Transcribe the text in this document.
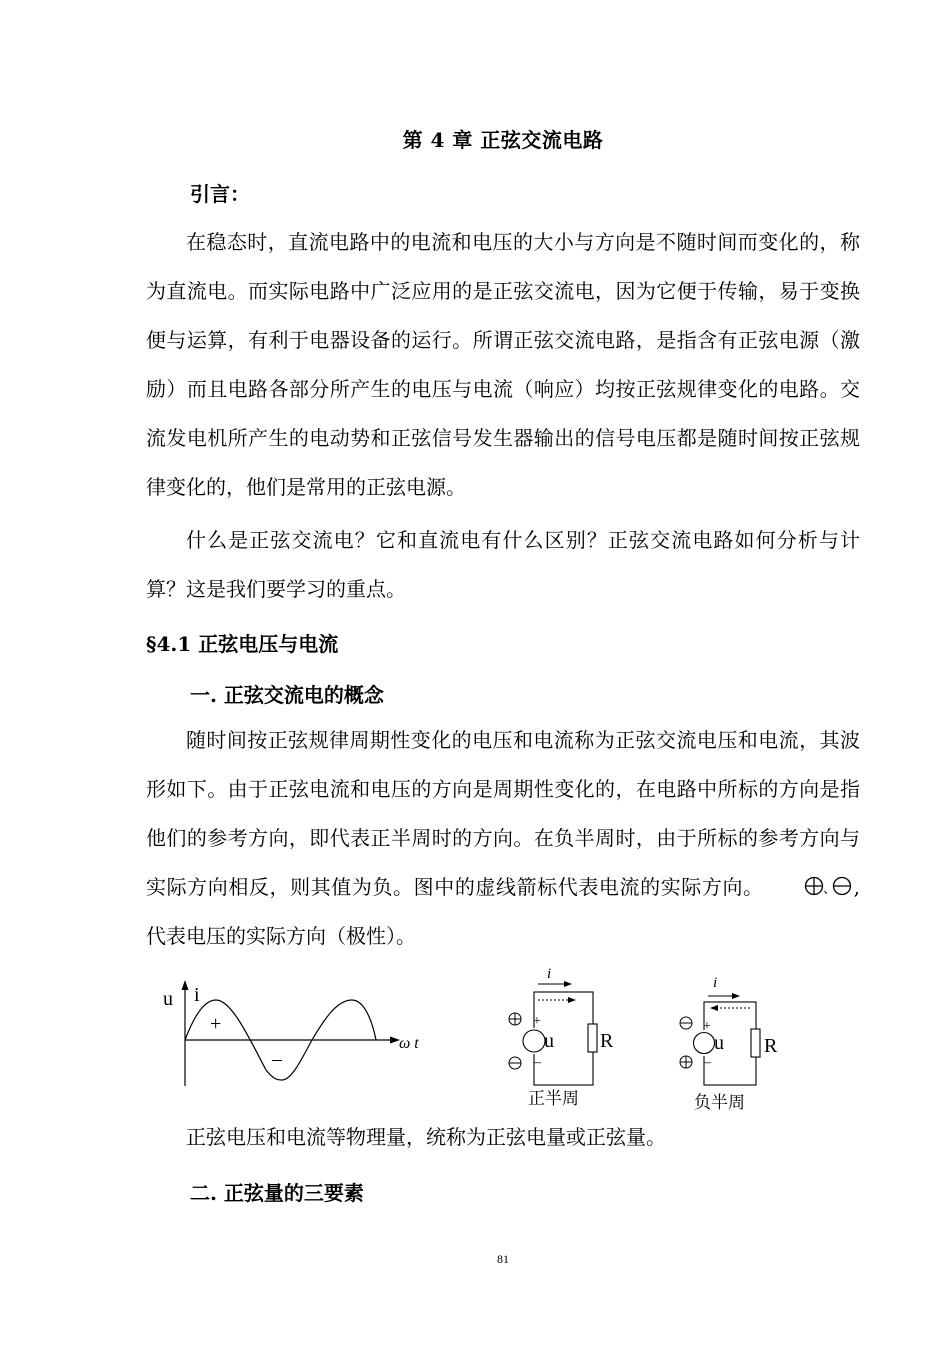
第 4 章 正弦交流电路
引言：

在稳态时，直流电路中的电流和电压的大小与方向是不随时间而变化的，称为直流电。而实际电路中广泛应用的是正弦交流电，因为它便于传输，易于变换便与运算，有利于电器设备的运行。所谓正弦交流电路，是指含有正弦电源（激励）而且电路各部分所产生的电压与电流（响应）均按正弦规律变化的电路。交流发电机所产生的电动势和正弦信号发生器输出的信号电压都是随时间按正弦规律变化的，他们是常用的正弦电源。

什么是正弦交流电？它和直流电有什么区别？正弦交流电路如何分析与计算？这是我们要学习的重点。

§4.1 正弦电压与电流
一. 正弦交流电的概念

随时间按正弦规律周期性变化的电压和电流称为正弦交流电压和电流，其波形如下。由于正弦电流和电压的方向是周期性变化的，在电路中所标的方向是指他们的参考方向，即代表正半周时的方向。在负半周时，由于所标的参考方向与实际方向相反，则其值为负。图中的虚线箭标代表电流的实际方向。	、 , 代表电压的实际方向（极性）。

u i
+
–
ω t
i
u
+
–
R
正半周
i
u
+
–
R
负半周

正弦电压和电流等物理量，统称为正弦电量或正弦量。

二. 正弦量的三要素
81
